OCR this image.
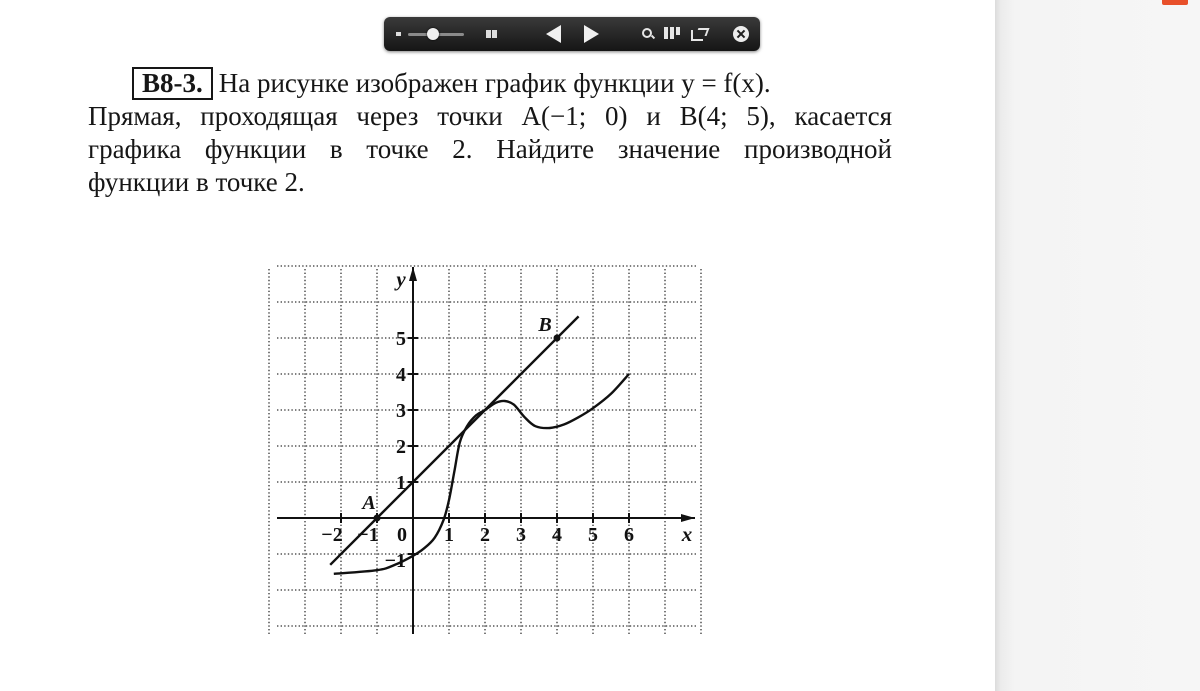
B8-3. На рисунке изображен график функции y = f(x).
Прямая, проходящая через точки A(−1; 0) и B(4; 5), касается
графика функции в точке 2. Найдите значение производной
функции в точке 2.
−2 −1	1 2 3 4 5 6
−1
1
2
3
4
5
0	x
y
A
B
